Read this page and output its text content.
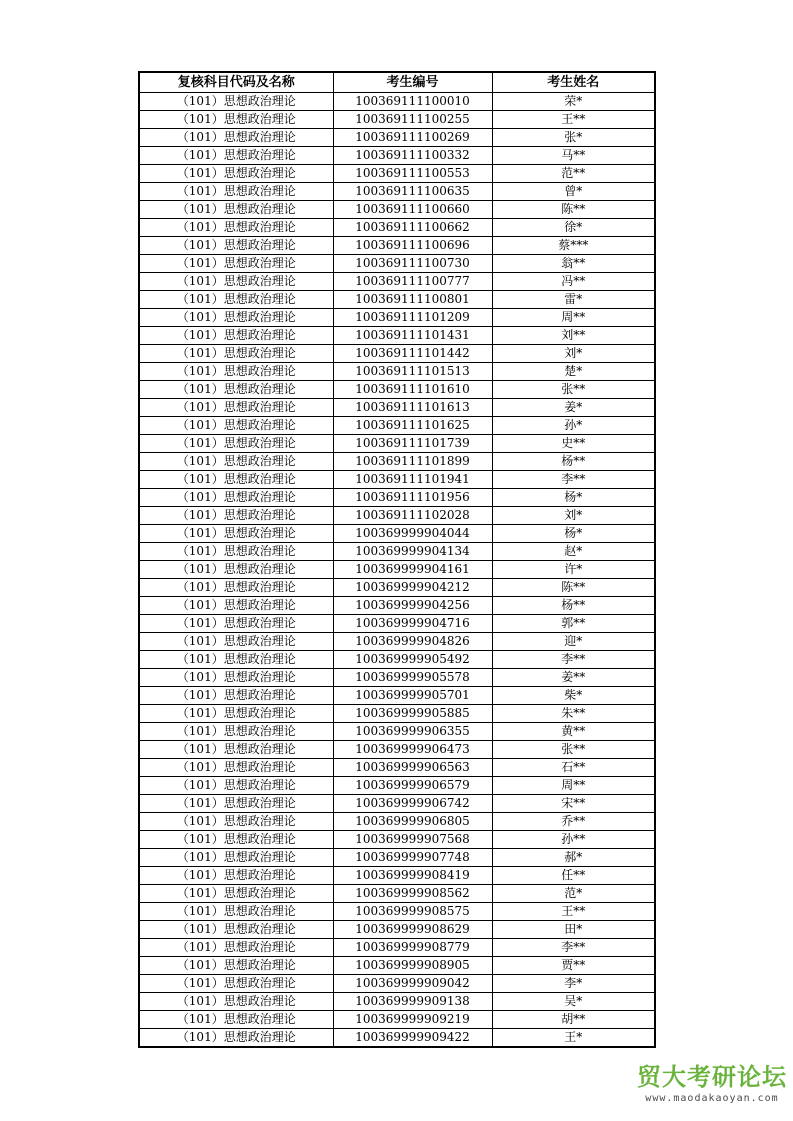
复核科目代码及名称	考生编号	考生姓名
（101）思想政治理论	100369111100010	荣*
（101）思想政治理论	100369111100255	王**
（101）思想政治理论	100369111100269	张*
（101）思想政治理论	100369111100332	马**
（101）思想政治理论	100369111100553	范**
（101）思想政治理论	100369111100635	曾*
（101）思想政治理论	100369111100660	陈**
（101）思想政治理论	100369111100662	徐*
（101）思想政治理论	100369111100696	蔡***
（101）思想政治理论	100369111100730	翁**
（101）思想政治理论	100369111100777	冯**
（101）思想政治理论	100369111100801	雷*
（101）思想政治理论	100369111101209	周**
（101）思想政治理论	100369111101431	刘**
（101）思想政治理论	100369111101442	刘*
（101）思想政治理论	100369111101513	楚*
（101）思想政治理论	100369111101610	张**
（101）思想政治理论	100369111101613	姜*
（101）思想政治理论	100369111101625	孙*
（101）思想政治理论	100369111101739	史**
（101）思想政治理论	100369111101899	杨**
（101）思想政治理论	100369111101941	李**
（101）思想政治理论	100369111101956	杨*
（101）思想政治理论	100369111102028	刘*
（101）思想政治理论	100369999904044	杨*
（101）思想政治理论	100369999904134	赵*
（101）思想政治理论	100369999904161	许*
（101）思想政治理论	100369999904212	陈**
（101）思想政治理论	100369999904256	杨**
（101）思想政治理论	100369999904716	郭**
（101）思想政治理论	100369999904826	迎*
（101）思想政治理论	100369999905492	李**
（101）思想政治理论	100369999905578	姜**
（101）思想政治理论	100369999905701	柴*
（101）思想政治理论	100369999905885	朱**
（101）思想政治理论	100369999906355	黄**
（101）思想政治理论	100369999906473	张**
（101）思想政治理论	100369999906563	石**
（101）思想政治理论	100369999906579	周**
（101）思想政治理论	100369999906742	宋**
（101）思想政治理论	100369999906805	乔**
（101）思想政治理论	100369999907568	孙**
（101）思想政治理论	100369999907748	郝*
（101）思想政治理论	100369999908419	任**
（101）思想政治理论	100369999908562	范*
（101）思想政治理论	100369999908575	王**
（101）思想政治理论	100369999908629	田*
（101）思想政治理论	100369999908779	李**
（101）思想政治理论	100369999908905	贾**
（101）思想政治理论	100369999909042	李*
（101）思想政治理论	100369999909138	吴*
（101）思想政治理论	100369999909219	胡**
（101）思想政治理论	100369999909422	王*
贸大考研论坛
www.maodakaoyan.com
